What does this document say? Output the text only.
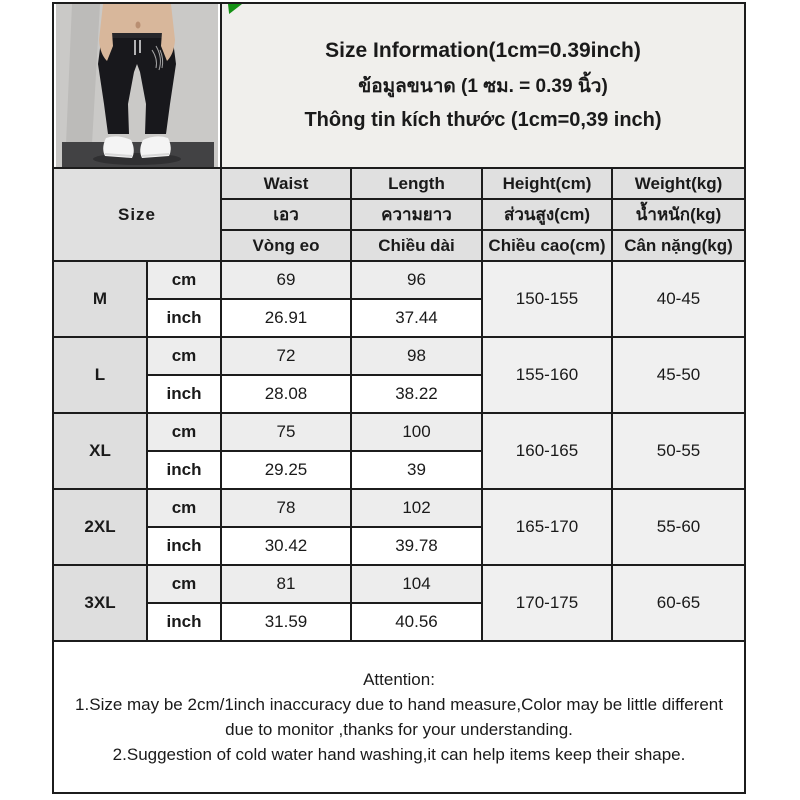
Size Information(1cm=0.39inch)
ข้อมูลขนาด (1 ซม. = 0.39 นิ้ว)
Thông tin kích thước (1cm=0,39 inch)			

Size		Waist	Length	Height(cm)	Weight(kg)
		เอว	ความยาว	ส่วนสูง(cm)	น้ำหนัก(kg)
		Vòng eo	Chiều dài	Chiều cao(cm)	Cân nặng(kg)
M	cm	69	96	150-155	40-45
	inch	26.91	37.44		
L	cm	72	98	155-160	45-50
	inch	28.08	38.22		
XL	cm	75	100	160-165	50-55
	inch	29.25	39		
2XL	cm	78	102	165-170	55-60
	inch	30.42	39.78		
3XL	cm	81	104	170-175	60-65
	inch	31.59	40.56		

Attention:
1.Size may be 2cm/1inch inaccuracy due to hand measure,Color may be little different
due to monitor ,thanks for your understanding.
2.Suggestion of cold water hand washing,it can help items keep their shape.					
